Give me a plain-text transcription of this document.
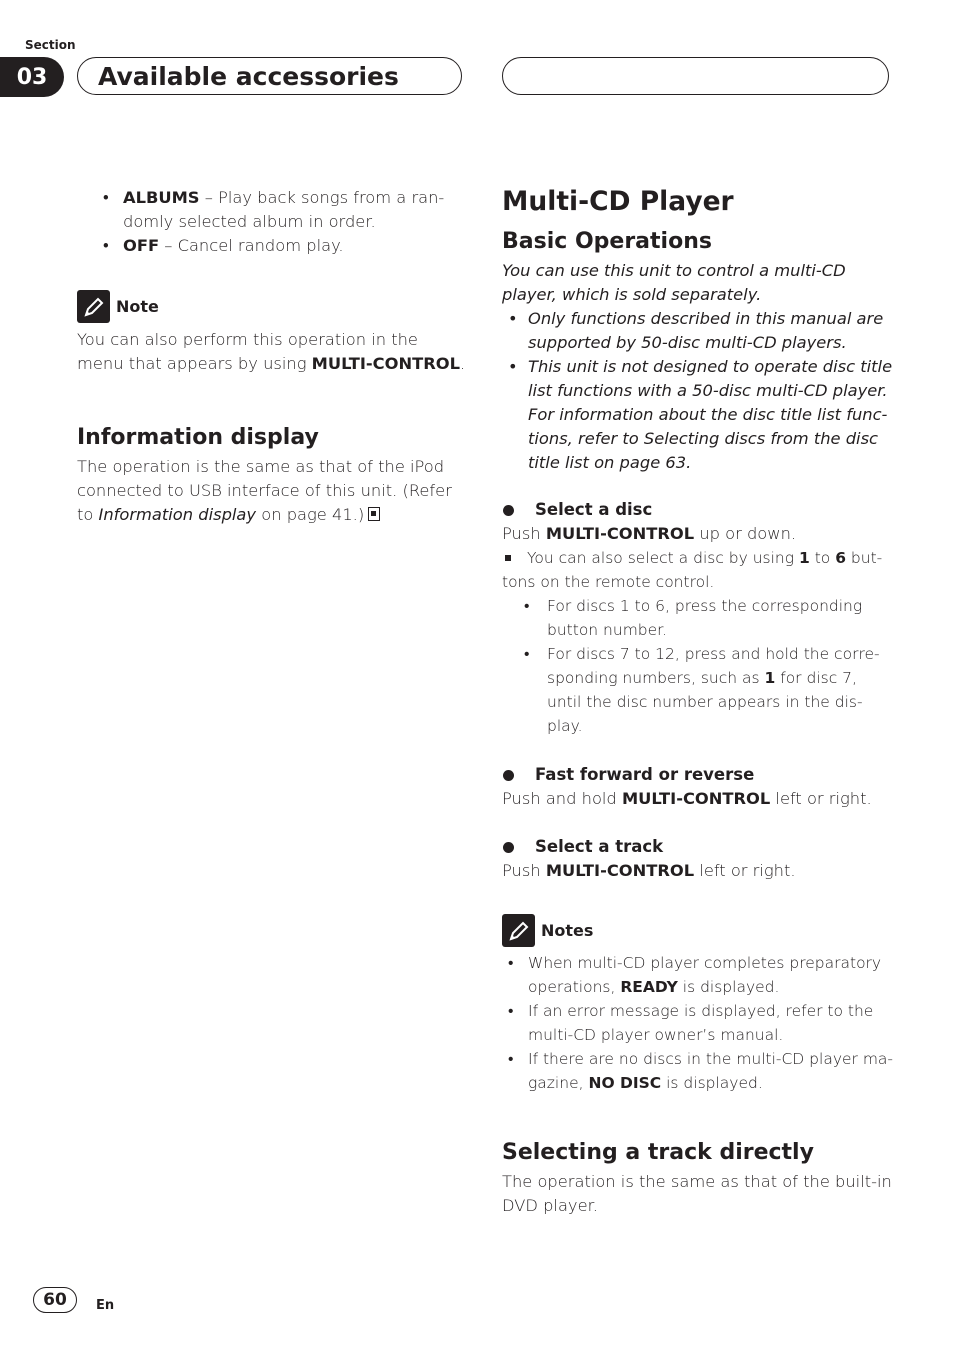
Section
03	Available accessories
• ALBUMS – Play back songs from a ran-domly selected album in order.
• OFF – Cancel random play.
Note
You can also perform this operation in the menu that appears by using MULTI-CONTROL.
Information display
The operation is the same as that of the iPod connected to USB interface of this unit. (Refer to Information display on page 41.)
Multi-CD Player
Basic Operations
You can use this unit to control a multi-CD player, which is sold separately.
• Only functions described in this manual are supported by 50-disc multi-CD players.
• This unit is not designed to operate disc title list functions with a 50-disc multi-CD player. For information about the disc title list func-tions, refer to Selecting discs from the disc title list on page 63.
Select a disc
Push MULTI-CONTROL up or down.
You can also select a disc by using 1 to 6 but-tons on the remote control.
• For discs 1 to 6, press the corresponding button number.
• For discs 7 to 12, press and hold the corre-sponding numbers, such as 1 for disc 7, until the disc number appears in the dis-play.
Fast forward or reverse
Push and hold MULTI-CONTROL left or right.
Select a track
Push MULTI-CONTROL left or right.
Notes
• When multi-CD player completes preparatory operations, READY is displayed.
• If an error message is displayed, refer to the multi-CD player owner’s manual.
• If there are no discs in the multi-CD player ma-gazine, NO DISC is displayed.
Selecting a track directly
The operation is the same as that of the built-in DVD player.
60	En
